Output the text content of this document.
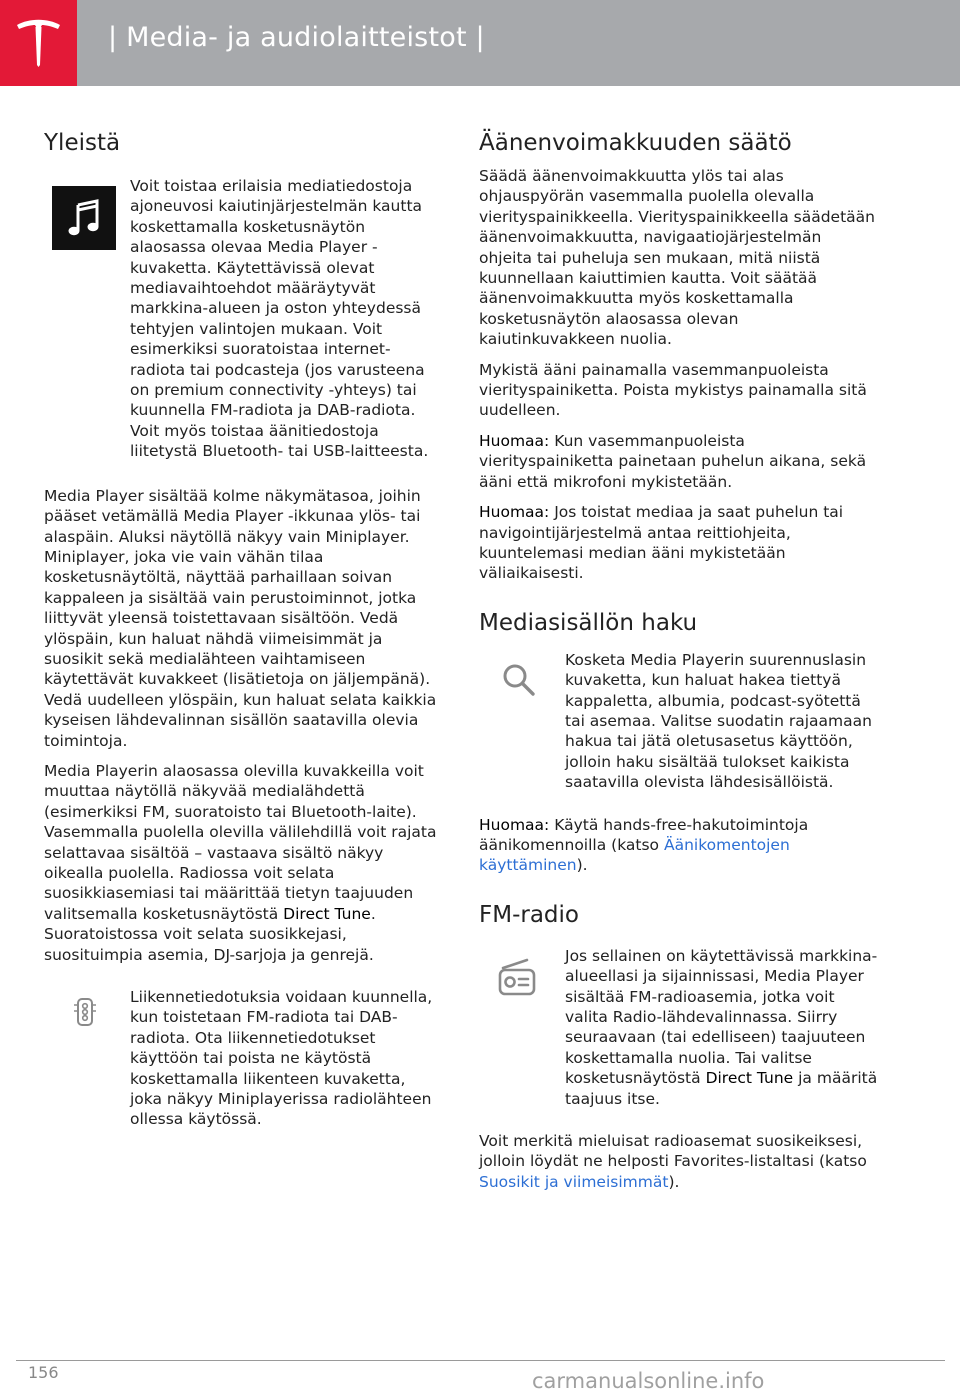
| Media- ja audiolaitteistot |
Yleistä
Voit toistaa erilaisia mediatiedostoja ajoneuvosi kaiutinjärjestelmän kautta koskettamalla kosketusnäytön alaosassa olevaa Media Player -kuvaketta. Käytettävissä olevat mediavaihtoehdot määräytyvät markkina-alueen ja oston yhteydessä tehtyjen valintojen mukaan. Voit esimerkiksi suoratoistaa internet-radiota tai podcasteja (jos varusteena on premium connectivity -yhteys) tai kuunnella FM-radiota ja DAB-radiota. Voit myös toistaa äänitiedostoja liitetystä Bluetooth- tai USB-laitteesta.

Media Player sisältää kolme näkymätasoa, joihin pääset vetämällä Media Player -ikkunaa ylös- tai alaspäin. Aluksi näytöllä näkyy vain Miniplayer. Miniplayer, joka vie vain vähän tilaa kosketusnäytöltä, näyttää parhaillaan soivan kappaleen ja sisältää vain perustoiminnot, jotka liittyvät yleensä toistettavaan sisältöön. Vedä ylöspäin, kun haluat nähdä viimeisimmät ja suosikit sekä medialähteen vaihtamiseen käytettävät kuvakkeet (lisätietoja on jäljempänä). Vedä uudelleen ylöspäin, kun haluat selata kaikkia kyseisen lähdevalinnan sisällön saatavilla olevia toimintoja.

Media Playerin alaosassa olevilla kuvakkeilla voit muuttaa näytöllä näkyvää medialähdettä (esimerkiksi FM, suoratoisto tai Bluetooth-laite). Vasemmalla puolella olevilla välilehdillä voit rajata selattavaa sisältöä – vastaava sisältö näkyy oikealla puolella. Radiossa voit selata suosikkiasemiasi tai määrittää tietyn taajuuden valitsemalla kosketusnäytöstä Direct Tune. Suoratoistossa voit selata suosikkejasi, suosituimpia asemia, DJ-sarjoja ja genrejä.

Liikennetiedotuksia voidaan kuunnella, kun toistetaan FM-radiota tai DAB-radiota. Ota liikennetiedotukset käyttöön tai poista ne käytöstä koskettamalla liikenteen kuvaketta, joka näkyy Miniplayerissa radiolähteen ollessa käytössä.
Äänenvoimakkuuden säätö

Säädä äänenvoimakkuutta ylös tai alas ohjauspyörän vasemmalla puolella olevalla vierityspainikkeella. Vierityspainikkeella säädetään äänenvoimakkuutta, navigaatiojärjestelmän ohjeita tai puheluja sen mukaan, mitä niistä kuunnellaan kaiuttimien kautta. Voit säätää äänenvoimakkuutta myös koskettamalla kosketusnäytön alaosassa olevan kaiutinkuvakkeen nuolia.

Mykistä ääni painamalla vasemmanpuoleista vierityspainiketta. Poista mykistys painamalla sitä uudelleen.

Huomaa: Kun vasemmanpuoleista vierityspainiketta painetaan puhelun aikana, sekä ääni että mikrofoni mykistetään.

Huomaa: Jos toistat mediaa ja saat puhelun tai navigointijärjestelmä antaa reittiohjeita, kuuntelemasi median ääni mykistetään väliaikaisesti.

Mediasisällön haku
Kosketa Media Playerin suurennuslasin kuvaketta, kun haluat hakea tiettyä kappaletta, albumia, podcast-syötettä tai asemaa. Valitse suodatin rajaamaan hakua tai jätä oletusasetus käyttöön, jolloin haku sisältää tulokset kaikista saatavilla olevista lähdesisällöistä.

Huomaa: Käytä hands-free-hakutoimintoja äänikomennoilla (katso Äänikomentojen käyttäminen).

FM-radio
Jos sellainen on käytettävissä markkina-alueellasi ja sijainnissasi, Media Player sisältää FM-radioasemia, jotka voit valita Radio-lähdevalinnassa. Siirry seuraavaan (tai edelliseen) taajuuteen koskettamalla nuolia. Tai valitse kosketusnäytöstä Direct Tune ja määritä taajuus itse.

Voit merkitä mieluisat radioasemat suosikeiksesi, jolloin löydät ne helposti Favorites-listaltasi (katso Suosikit ja viimeisimmät).

156	carmanualsonline.info
